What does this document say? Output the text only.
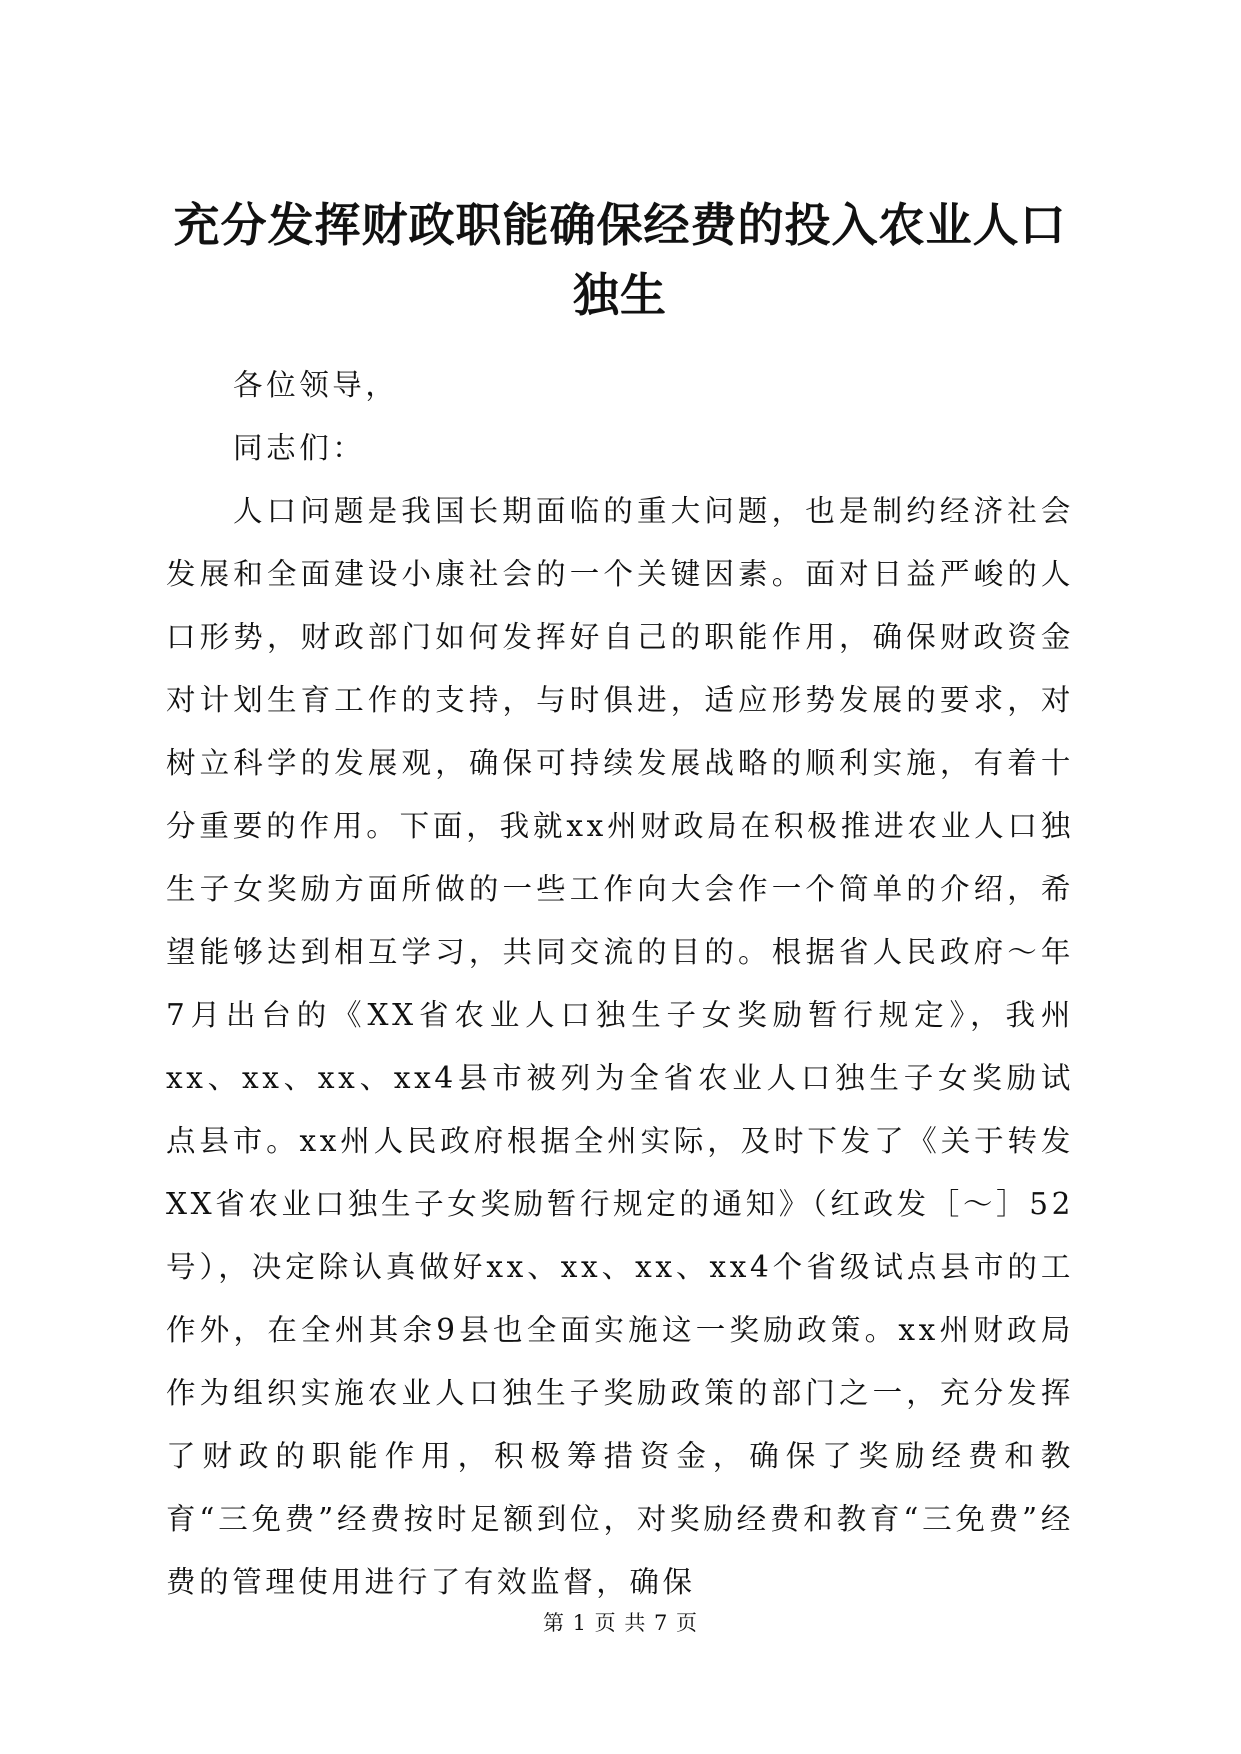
充分发挥财政职能确保经费的投入农业人口独生

各位领导，

同志们：

人口问题是我国长期面临的重大问题，也是制约经济社会发展和全面建设小康社会的一个关键因素。面对日益严峻的人口形势，财政部门如何发挥好自己的职能作用，确保财政资金对计划生育工作的支持，与时俱进，适应形势发展的要求，对树立科学的发展观，确保可持续发展战略的顺利实施，有着十分重要的作用。下面，我就xx州财政局在积极推进农业人口独生子女奖励方面所做的一些工作向大会作一个简单的介绍，希望能够达到相互学习，共同交流的目的。根据省人民政府～年7月出台的《XX省农业人口独生子女奖励暂行规定》，我州xx、xx、xx、xx4县市被列为全省农业人口独生子女奖励试点县市。xx州人民政府根据全州实际，及时下发了《关于转发XX省农业口独生子女奖励暂行规定的通知》（红政发［～］52号），决定除认真做好xx、xx、xx、xx4个省级试点县市的工作外，在全州其余9县也全面实施这一奖励政策。xx州财政局作为组织实施农业人口独生子奖励政策的部门之一，充分发挥了财政的职能作用，积极筹措资金，确保了奖励经费和教育“三免费”经费按时足额到位，对奖励经费和教育“三免费”经费的管理使用进行了有效监督，确保

第 1 页 共 7 页
